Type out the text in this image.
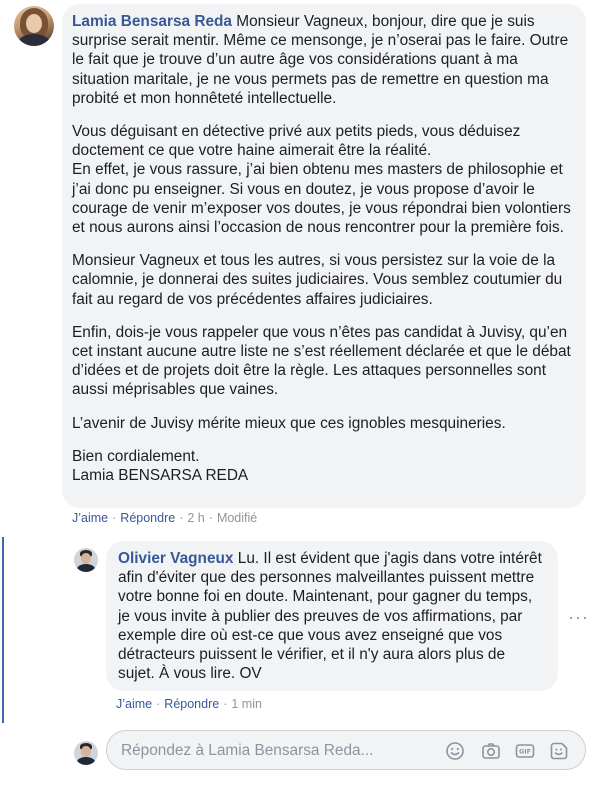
Lamia Bensarsa Reda Monsieur Vagneux, bonjour, dire que je suis surprise serait mentir. Même ce mensonge, je n’oserai pas le faire. Outre le fait que je trouve d’un autre âge vos considérations quant à ma situation maritale, je ne vous permets pas de remettre en question ma probité et mon honnêteté intellectuelle.

Vous déguisant en détective privé aux petits pieds, vous déduisez doctement ce que votre haine aimerait être la réalité.
En effet, je vous rassure, j’ai bien obtenu mes masters de philosophie et j’ai donc pu enseigner. Si vous en doutez, je vous propose d’avoir le courage de venir m’exposer vos doutes, je vous répondrai bien volontiers et nous aurons ainsi l’occasion de nous rencontrer pour la première fois.

Monsieur Vagneux et tous les autres, si vous persistez sur la voie de la calomnie, je donnerai des suites judiciaires. Vous semblez coutumier du fait au regard de vos précédentes affaires judiciaires.

Enfin, dois-je vous rappeler que vous n’êtes pas candidat à Juvisy, qu’en cet instant aucune autre liste ne s’est réellement déclarée et que le débat d’idées et de projets doit être la règle. Les attaques personnelles sont aussi méprisables que vaines.

L’avenir de Juvisy mérite mieux que ces ignobles mesquineries.

Bien cordialement.
Lamia BENSARSA REDA

J’aime · Répondre · 2 h · Modifié
Olivier Vagneux Lu. Il est évident que j'agis dans votre intérêt afin d'éviter que des personnes malveillantes puissent mettre votre bonne foi en doute. Maintenant, pour gagner du temps, je vous invite à publier des preuves de vos affirmations, par exemple dire où est-ce que vous avez enseigné que vos détracteurs puissent le vérifier, et il n'y aura alors plus de sujet. À vous lire. OV
···
J’aime · Répondre · 1 min
Répondez à Lamia Bensarsa Reda...
GIF
